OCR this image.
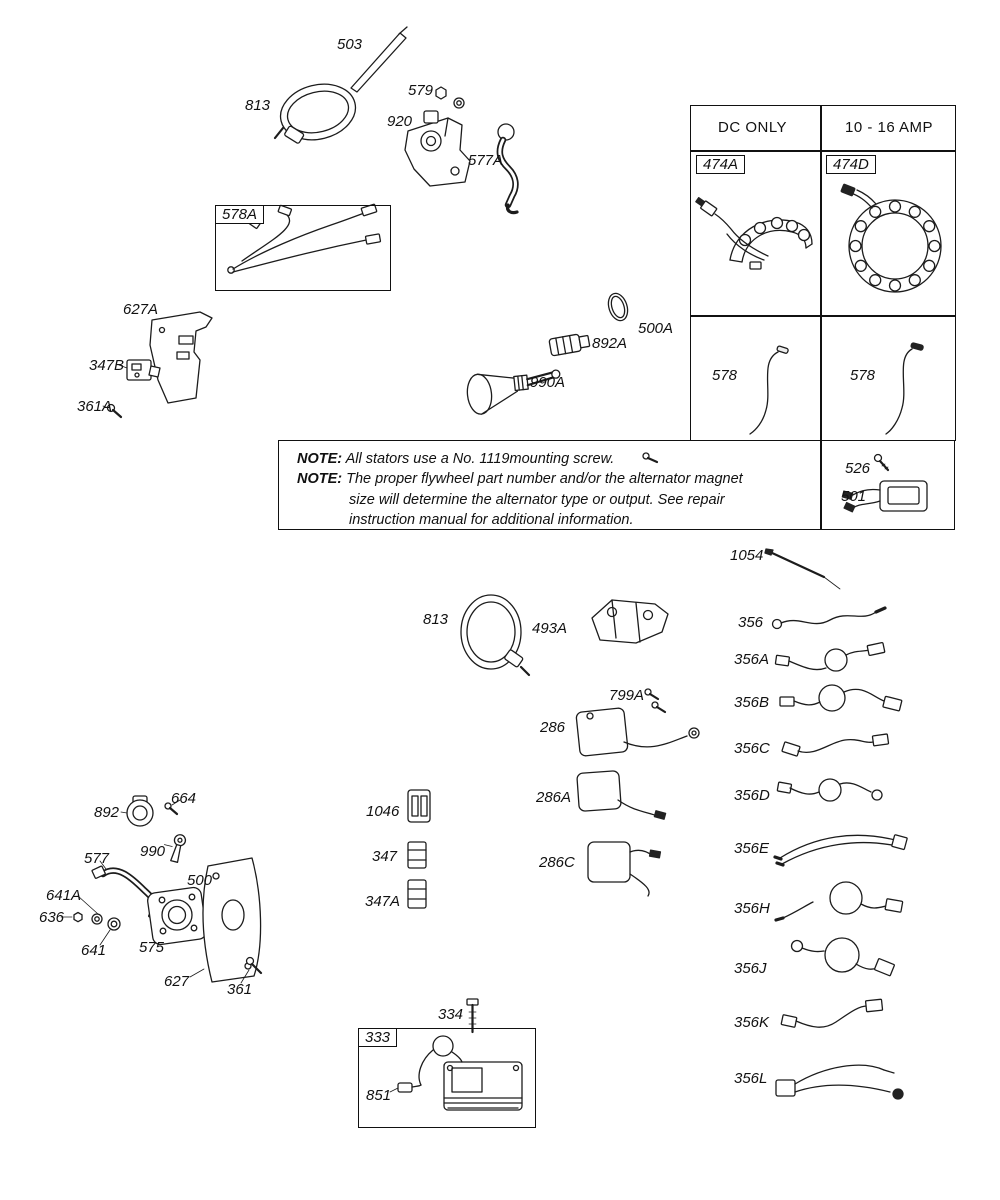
DC ONLY	10 - 16 AMP
474A	474D
578	578
526
501

NOTE: All stators use a No. 1119mounting screw.

NOTE: The proper flywheel part number and/or the alternator magnet size will determine the alternator type or output. See repair instruction manual for additional information.

503
813
579
920
577A
578A
627A
347B
361A
500A
892A
990A
1054
813
493A
799A
286
286A
286C
1046
347
347A
356
356A
356B
356C
356D
356E
356H
356J
356K
356L
892
664
990
577
500
641A
636
641 575
627	361
334
333
851
